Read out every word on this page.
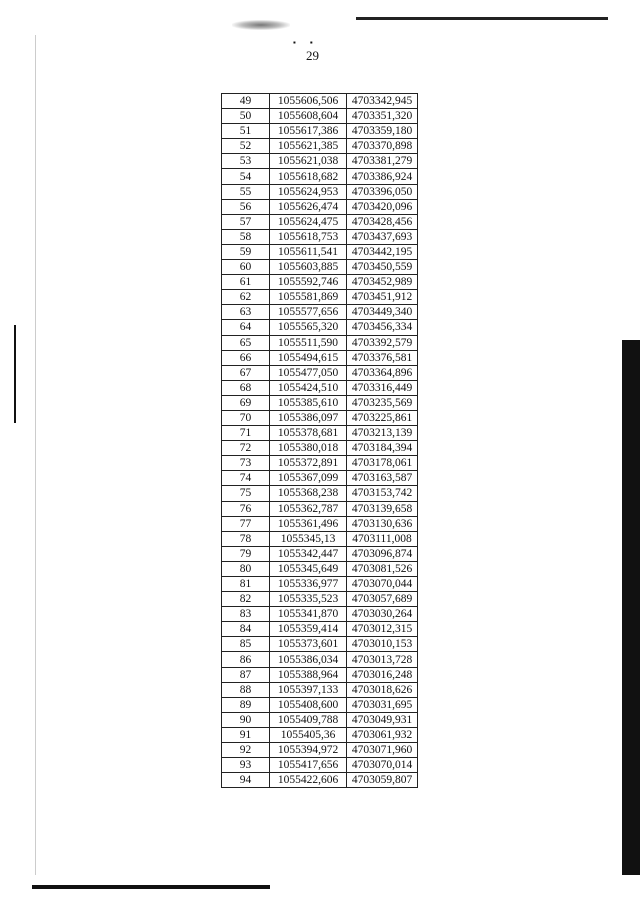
▪ ▪
29
49	1055606,506	4703342,945
50	1055608,604	4703351,320
51	1055617,386	4703359,180
52	1055621,385	4703370,898
53	1055621,038	4703381,279
54	1055618,682	4703386,924
55	1055624,953	4703396,050
56	1055626,474	4703420,096
57	1055624,475	4703428,456
58	1055618,753	4703437,693
59	1055611,541	4703442,195
60	1055603,885	4703450,559
61	1055592,746	4703452,989
62	1055581,869	4703451,912
63	1055577,656	4703449,340
64	1055565,320	4703456,334
65	1055511,590	4703392,579
66	1055494,615	4703376,581
67	1055477,050	4703364,896
68	1055424,510	4703316,449
69	1055385,610	4703235,569
70	1055386,097	4703225,861
71	1055378,681	4703213,139
72	1055380,018	4703184,394
73	1055372,891	4703178,061
74	1055367,099	4703163,587
75	1055368,238	4703153,742
76	1055362,787	4703139,658
77	1055361,496	4703130,636
78	1055345,13	4703111,008
79	1055342,447	4703096,874
80	1055345,649	4703081,526
81	1055336,977	4703070,044
82	1055335,523	4703057,689
83	1055341,870	4703030,264
84	1055359,414	4703012,315
85	1055373,601	4703010,153
86	1055386,034	4703013,728
87	1055388,964	4703016,248
88	1055397,133	4703018,626
89	1055408,600	4703031,695
90	1055409,788	4703049,931
91	1055405,36	4703061,932
92	1055394,972	4703071,960
93	1055417,656	4703070,014
94	1055422,606	4703059,807
